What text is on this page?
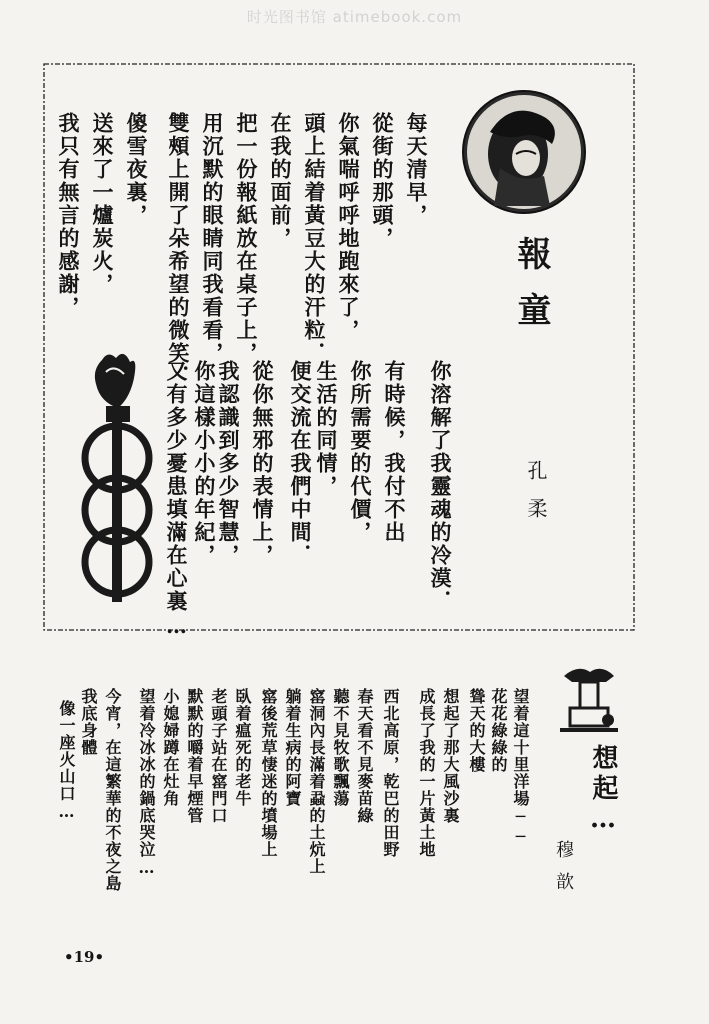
时光图书馆 atimebook.com
報童
孔柔
每天清早，
從街的那頭，
你氣喘呼呼地跑來了，
頭上結着黃豆大的汗粒．
在我的面前，
把一份報紙放在桌子上，
用沉默的眼睛同我看看，
雙頰上開了朵希望的微笑．
傻雪夜裏，
送來了一爐炭火，
我只有無言的感謝，
你溶解了我靈魂的冷漠．
有時候，我付不出
你所需要的代價，
生活的同情，
便交流在我們中間．
從你無邪的表情上，
我認識到多少智慧，
你這樣小小的年紀，
又有多少憂患填滿在心裏…
想起…
穆歆
望着這十里洋場──
花花綠綠的
聳天的大樓
想起了那大風沙裏
成長了我的一片黃土地
西北高原，乾巴的田野
春天看不見麥苗綠
聽不見牧歌飄蕩
窰洞內長滿着蝨的土炕上
躺着生病的阿寶
窰後荒草悽迷的墳場上
臥着瘟死的老牛
老頭子站在窰門口
默默的嚼着早煙管
小媳婦蹲在灶角
望着冷冰冰的鍋底哭泣…
今宵，在這繁華的不夜之島
我底身體
像一座火山口…
•19•
